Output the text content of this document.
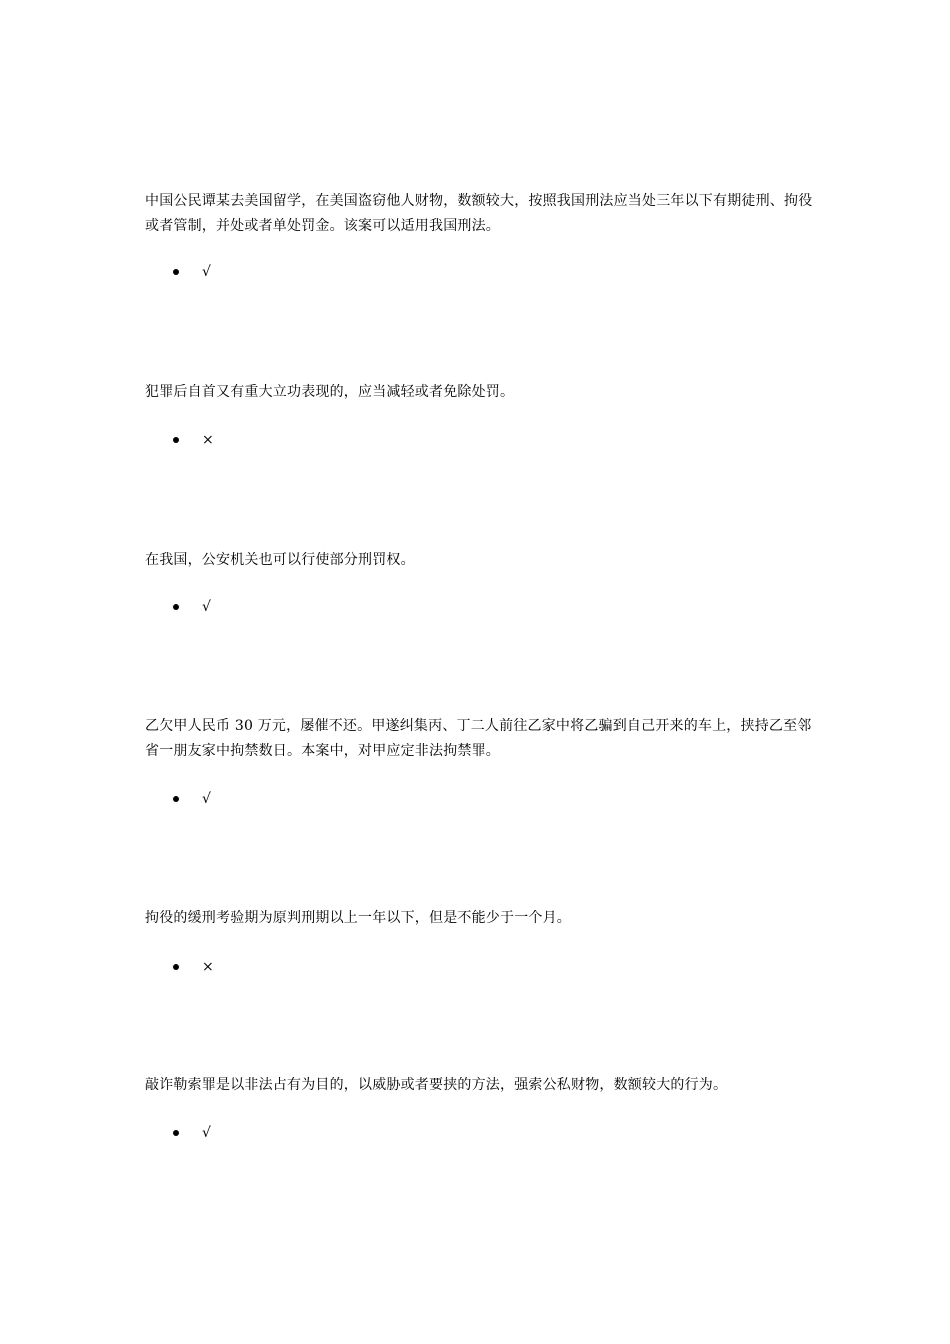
中国公民谭某去美国留学，在美国盗窃他人财物，数额较大，按照我国刑法应当处三年以下有期徒刑、拘役或者管制，并处或者单处罚金。该案可以适用我国刑法。

√

犯罪后自首又有重大立功表现的，应当减轻或者免除处罚。

×

在我国，公安机关也可以行使部分刑罚权。

√

乙欠甲人民币 30 万元，屡催不还。甲遂纠集丙、丁二人前往乙家中将乙骗到自己开来的车上，挟持乙至邻省一朋友家中拘禁数日。本案中，对甲应定非法拘禁罪。

√

拘役的缓刑考验期为原判刑期以上一年以下，但是不能少于一个月。

×

敲诈勒索罪是以非法占有为目的，以威胁或者要挟的方法，强索公私财物，数额较大的行为。

√
